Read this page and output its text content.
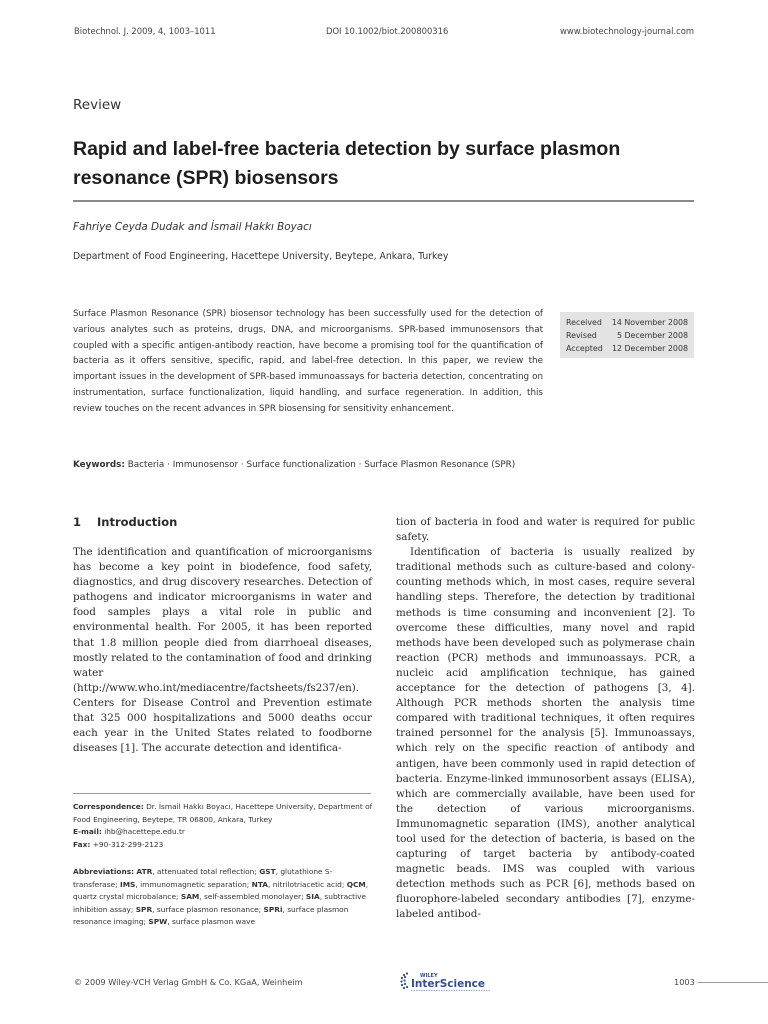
Biotechnol. J. 2009, 4, 1003–1011	DOI 10.1002/biot.200800316	www.biotechnology-journal.com
Review
Rapid and label-free bacteria detection by surface plasmon resonance (SPR) biosensors
Fahriye Ceyda Dudak and İsmail Hakkı Boyacı
Department of Food Engineering, Hacettepe University, Beytepe, Ankara, Turkey
Surface Plasmon Resonance (SPR) biosensor technology has been successfully used for the detection of various analytes such as proteins, drugs, DNA, and microorganisms. SPR-based immunosensors that coupled with a specific antigen-antibody reaction, have become a promising tool for the quantification of bacteria as it offers sensitive, specific, rapid, and label-free detection. In this paper, we review the important issues in the development of SPR-based immunoassays for bacteria detection, concentrating on instrumentation, surface functionalization, liquid handling, and surface regeneration. In addition, this review touches on the recent advances in SPR biosensing for sensitivity enhancement.
Received 14 November 2008
Revised	5 December 2008
Accepted 12 December 2008
Keywords: Bacteria · Immunosensor · Surface functionalization · Surface Plasmon Resonance (SPR)
1 Introduction

The identification and quantification of microorganisms has become a key point in biodefence, food safety, diagnostics, and drug discovery researches. Detection of pathogens and indicator microorganisms in water and food samples plays a vital role in public and environmental health. For 2005, it has been reported that 1.8 million people died from diarrhoeal diseases, mostly related to the contamination of food and drinking water (http://www.who.int/mediacentre/factsheets/fs237/en). Centers for Disease Control and Prevention estimate that 325 000 hospitalizations and 5000 deaths occur each year in the United States related to foodborne diseases [1]. The accurate detection and identifica-

tion of bacteria in food and water is required for public safety.

Identification of bacteria is usually realized by traditional methods such as culture-based and colony-counting methods which, in most cases, require several handling steps. Therefore, the detection by traditional methods is time consuming and inconvenient [2]. To overcome these difficulties, many novel and rapid methods have been developed such as polymerase chain reaction (PCR) methods and immunoassays. PCR, a nucleic acid amplification technique, has gained acceptance for the detection of pathogens [3, 4]. Although PCR methods shorten the analysis time compared with traditional techniques, it often requires trained personnel for the analysis [5]. Immunoassays, which rely on the specific reaction of antibody and antigen, have been commonly used in rapid detection of bacteria. Enzyme-linked immunosorbent assays (ELISA), which are commercially available, have been used for the detection of various microorganisms. Immunomagnetic separation (IMS), another analytical tool used for the detection of bacteria, is based on the capturing of target bacteria by antibody-coated magnetic beads. IMS was coupled with various detection methods such as PCR [6], methods based on fluorophore-labeled secondary antibodies [7], enzyme-labeled antibod-

Correspondence: Dr. İsmail Hakkı Boyacı, Hacettepe University, Department of Food Engineering, Beytepe, TR 06800, Ankara, Turkey
E-mail: ihb@hacettepe.edu.tr
Fax: +90-312-299-2123
Abbreviations: ATR, attenuated total reflection; GST, glutathione S-transferase; IMS, immunomagnetic separation; NTA, nitrilotriacetic acid; QCM, quartz crystal microbalance; SAM, self-assembled monolayer; SIA, subtractive inhibition assay; SPR, surface plasmon resonance; SPRi, surface plasmon resonance imaging; SPW, surface plasmon wave
© 2009 Wiley-VCH Verlag GmbH & Co. KGaA, Weinheim
WILEY
InterScience	1003
